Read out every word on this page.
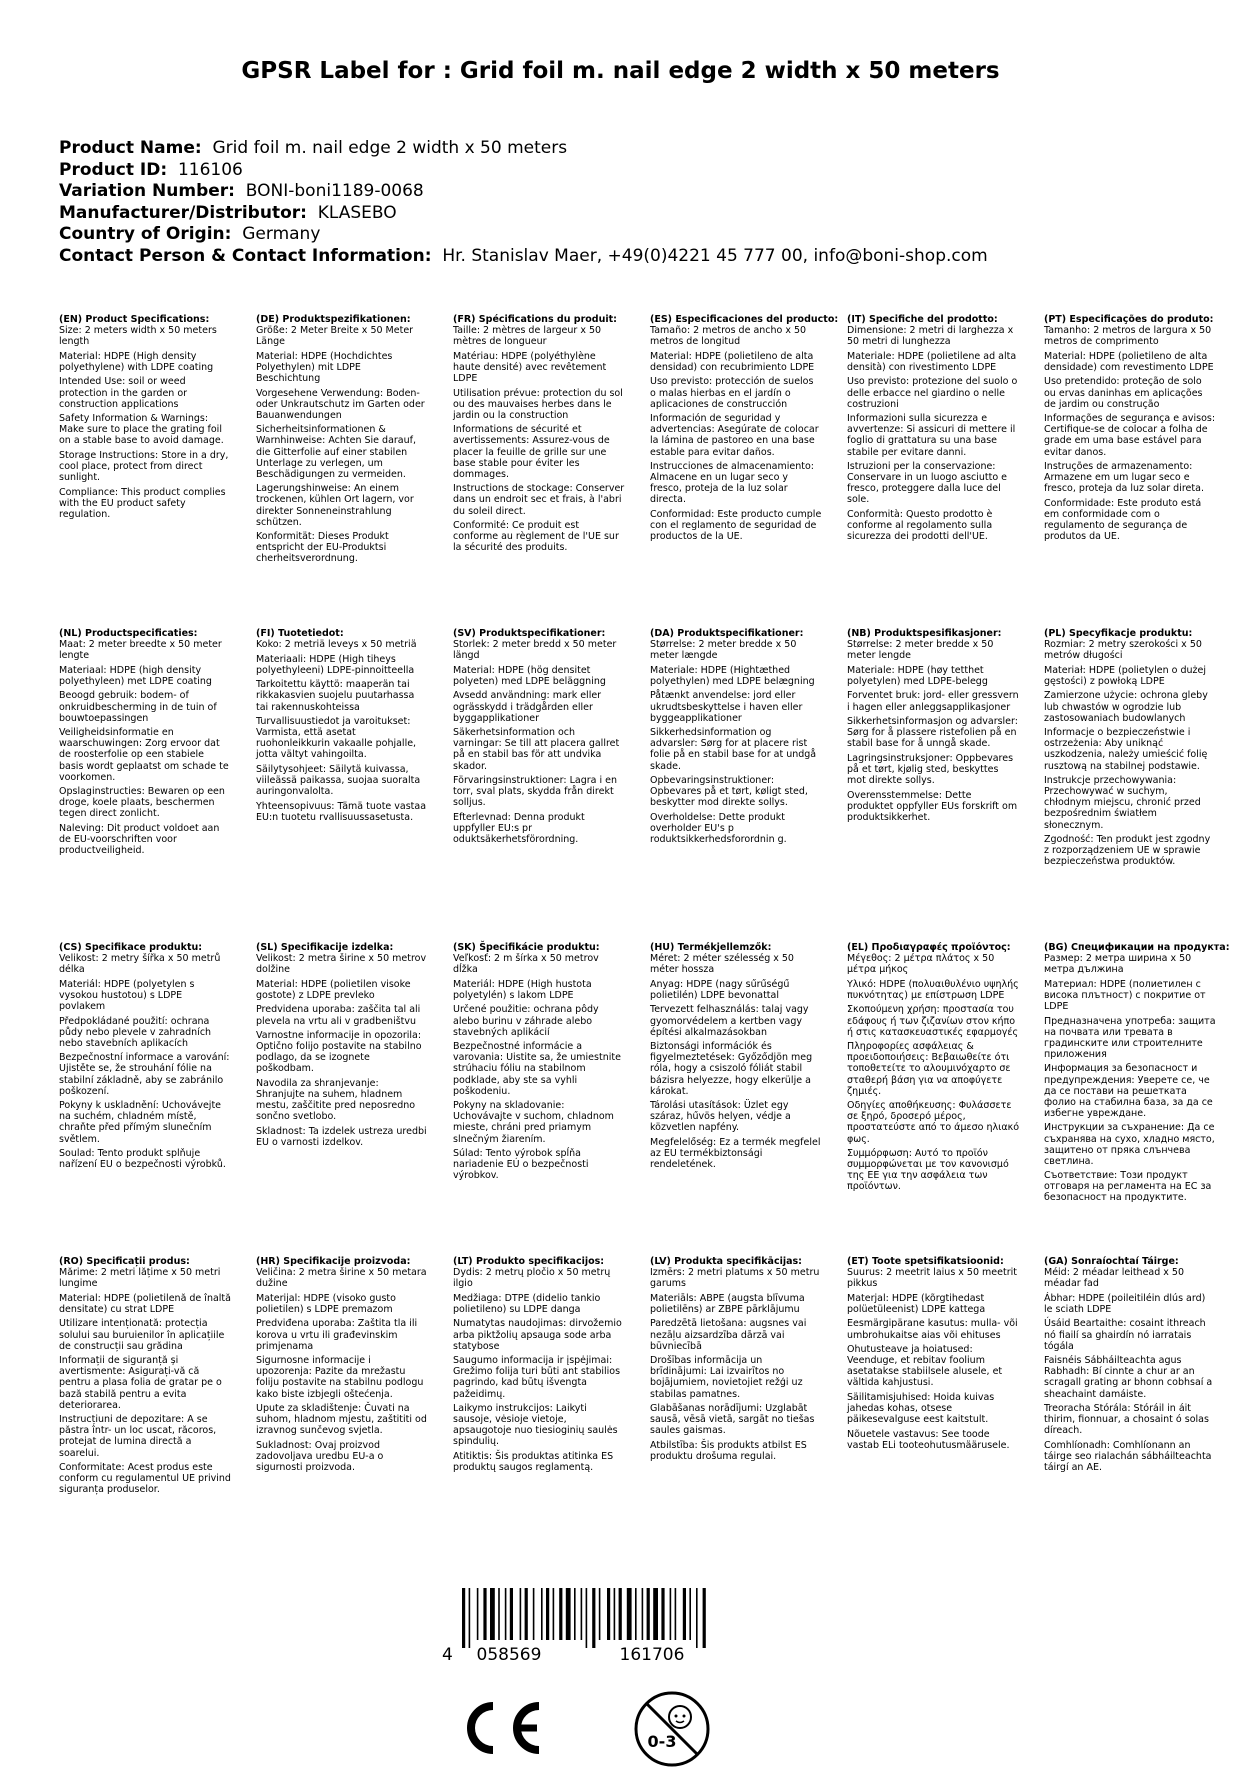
GPSR Label for : Grid foil m. nail edge 2 width x 50 meters
Product Name: Grid foil m. nail edge 2 width x 50 meters
Product ID: 116106
Variation Number: BONI-boni1189-0068
Manufacturer/Distributor: KLASEBO
Country of Origin: Germany
Contact Person & Contact Information: Hr. Stanislav Maer, +49(0)4221 45 777 00, info@boni-shop.com
(EN) Product Specifications:

Size: 2 meters width x 50 meters length

Material: HDPE (High density polyethylene) with LDPE coating

Intended Use: soil or weed protection in the garden or construction applications

Safety Information & Warnings: Make sure to place the grating foil on a stable base to avoid damage.

Storage Instructions: Store in a dry, cool place, protect from direct sunlight.

Compliance: This product complies with the EU product safety regulation.

(DE) Produktspezifikationen:

Größe: 2 Meter Breite x 50 Meter Länge

Material: HDPE (Hochdichtes Polyethylen) mit LDPE Beschichtung

Vorgesehene Verwendung: Boden- oder Unkrautschutz im Garten oder Bauanwendungen

Sicherheitsinformationen & Warnhinweise: Achten Sie darauf, die Gitterfolie auf einer stabilen Unterlage zu verlegen, um Beschädigungen zu vermeiden.

Lagerungshinweise: An einem trockenen, kühlen Ort lagern, vor direkter Sonneneinstrahlung schützen.

Konformität: Dieses Produkt entspricht der EU-Produktsi cherheitsverordnung.

(FR) Spécifications du produit:

Taille: 2 mètres de largeur x 50 mètres de longueur

Matériau: HDPE (polyéthylène haute densité) avec revêtement LDPE

Utilisation prévue: protection du sol ou des mauvaises herbes dans le jardin ou la construction

Informations de sécurité et avertissements: Assurez-vous de placer la feuille de grille sur une base stable pour éviter les dommages.

Instructions de stockage: Conserver dans un endroit sec et frais, à l'abri du soleil direct.

Conformité: Ce produit est conforme au règlement de l'UE sur la sécurité des produits.

(ES) Especificaciones del producto:

Tamaño: 2 metros de ancho x 50 metros de longitud

Material: HDPE (polietileno de alta densidad) con recubrimiento LDPE

Uso previsto: protección de suelos o malas hierbas en el jardín o aplicaciones de construcción

Información de seguridad y advertencias: Asegúrate de colocar la lámina de pastoreo en una base estable para evitar daños.

Instrucciones de almacenamiento: Almacene en un lugar seco y fresco, proteja de la luz solar directa.

Conformidad: Este producto cumple con el reglamento de seguridad de productos de la UE.

(IT) Specifiche del prodotto:

Dimensione: 2 metri di larghezza x 50 metri di lunghezza

Materiale: HDPE (polietilene ad alta densità) con rivestimento LDPE

Uso previsto: protezione del suolo o delle erbacce nel giardino o nelle costruzioni

Informazioni sulla sicurezza e avvertenze: Si assicuri di mettere il foglio di grattatura su una base stabile per evitare danni.

Istruzioni per la conservazione: Conservare in un luogo asciutto e fresco, proteggere dalla luce del sole.

Conformità: Questo prodotto è conforme al regolamento sulla sicurezza dei prodotti dell'UE.

(PT) Especificações do produto:

Tamanho: 2 metros de largura x 50 metros de comprimento

Material: HDPE (polietileno de alta densidade) com revestimento LDPE

Uso pretendido: proteção de solo ou ervas daninhas em aplicações de jardim ou construção

Informações de segurança e avisos: Certifique-se de colocar a folha de grade em uma base estável para evitar danos.

Instruções de armazenamento: Armazene em um lugar seco e fresco, proteja da luz solar direta.

Conformidade: Este produto está em conformidade com o regulamento de segurança de produtos da UE.

(NL) Productspecificaties:

Maat: 2 meter breedte x 50 meter lengte

Materiaal: HDPE (high density polyethyleen) met LDPE coating

Beoogd gebruik: bodem- of onkruidbescherming in de tuin of bouwtoepassingen

Veiligheidsinformatie en waarschuwingen: Zorg ervoor dat de roosterfolie op een stabiele basis wordt geplaatst om schade te voorkomen.

Opslaginstructies: Bewaren op een droge, koele plaats, beschermen tegen direct zonlicht.

Naleving: Dit product voldoet aan de EU-voorschriften voor productveiligheid.

(FI) Tuotetiedot:

Koko: 2 metriä leveys x 50 metriä

Materiaali: HDPE (High tiheys polyethyleeni) LDPE-pinnoitteella

Tarkoitettu käyttö: maaperän tai rikkakasvien suojelu puutarhassa tai rakennuskohteissa

Turvallisuustiedot ja varoitukset: Varmista, että asetat ruohonleikkurin vakaalle pohjalle, jotta vältyt vahingoilta.

Säilytysohjeet: Säilytä kuivassa, viileässä paikassa, suojaa suoralta auringonvalolta.

Yhteensopivuus: Tämä tuote vastaa EU:n tuotetu rvallisuussasetusta.

(SV) Produktspecifikationer:

Storlek: 2 meter bredd x 50 meter längd

Material: HDPE (hög densitet polyeten) med LDPE beläggning

Avsedd användning: mark eller ogrässkydd i trädgården eller byggapplikationer

Säkerhetsinformation och varningar: Se till att placera gallret på en stabil bas för att undvika skador.

Förvaringsinstruktioner: Lagra i en torr, sval plats, skydda från direkt solljus.

Efterlevnad: Denna produkt uppfyller EU:s pr oduktsäkerhetsförordning.

(DA) Produktspecifikationer:

Størrelse: 2 meter bredde x 50 meter længde

Materiale: HDPE (Hightæthed polyethylen) med LDPE belægning

Påtænkt anvendelse: jord eller ukrudtsbeskyttelse i haven eller byggeapplikationer

Sikkerhedsinformation og advarsler: Sørg for at placere rist folie på en stabil base for at undgå skade.

Opbevaringsinstruktioner: Opbevares på et tørt, køligt sted, beskytter mod direkte sollys.

Overholdelse: Dette produkt overholder EU's p roduktsikkerhedsforordnin g.

(NB) Produktspesifikasjoner:

Størrelse: 2 meter bredde x 50 meter lengde

Materiale: HDPE (høy tetthet polyetylen) med LDPE-belegg

Forventet bruk: jord- eller gressvern i hagen eller anleggsapplikasjoner

Sikkerhetsinformasjon og advarsler: Sørg for å plassere ristefolien på en stabil base for å unngå skade.

Lagringsinstruksjoner: Oppbevares på et tørt, kjølig sted, beskyttes mot direkte sollys.

Overensstemmelse: Dette produktet oppfyller EUs forskrift om produktsikkerhet.

(PL) Specyfikacje produktu:

Rozmiar: 2 metry szerokości x 50 metrów długości

Materiał: HDPE (polietylen o dużej gęstości) z powłoką LDPE

Zamierzone użycie: ochrona gleby lub chwastów w ogrodzie lub zastosowaniach budowlanych

Informacje o bezpieczeństwie i ostrzeżenia: Aby uniknąć uszkodzenia, należy umieścić folię rusztową na stabilnej podstawie.

Instrukcje przechowywania: Przechowywać w suchym, chłodnym miejscu, chronić przed bezpośrednim światłem słonecznym.

Zgodność: Ten produkt jest zgodny z rozporządzeniem UE w sprawie bezpieczeństwa produktów.

(CS) Specifikace produktu:

Velikost: 2 metry šířka x 50 metrů délka

Materiál: HDPE (polyetylen s vysokou hustotou) s LDPE povlakem

Předpokládané použití: ochrana půdy nebo plevele v zahradních nebo stavebních aplikacích

Bezpečnostní informace a varování: Ujistěte se, že strouhání fólie na stabilní základně, aby se zabránilo poškození.

Pokyny k uskladnění: Uchovávejte na suchém, chladném místě, chraňte před přímým slunečním světlem.

Soulad: Tento produkt splňuje nařízení EU o bezpečnosti výrobků.

(SL) Specifikacije izdelka:

Velikost: 2 metra širine x 50 metrov dolžine

Material: HDPE (polietilen visoke gostote) z LDPE prevleko

Predvidena uporaba: zaščita tal ali plevela na vrtu ali v gradbeništvu

Varnostne informacije in opozorila: Optično folijo postavite na stabilno podlago, da se izognete poškodbam.

Navodila za shranjevanje: Shranjujte na suhem, hladnem mestu, zaščitite pred neposredno sončno svetlobo.

Skladnost: Ta izdelek ustreza uredbi EU o varnosti izdelkov.

(SK) Špecifikácie produktu:

Veľkosť: 2 m šírka x 50 metrov dĺžka

Materiál: HDPE (High hustota polyetylén) s lakom LDPE

Určené použitie: ochrana pôdy alebo burinu v záhrade alebo stavebných aplikácií

Bezpečnostné informácie a varovania: Uistite sa, že umiestnite strúhaciu fóliu na stabilnom podklade, aby ste sa vyhli poškodeniu.

Pokyny na skladovanie: Uchovávajte v suchom, chladnom mieste, chráni pred priamym slnečným žiarením.

Súlad: Tento výrobok spĺňa nariadenie EÚ o bezpečnosti výrobkov.

(HU) Termékjellemzők:

Méret: 2 méter szélesség x 50 méter hossza

Anyag: HDPE (nagy sűrűségű polietilén) LDPE bevonattal

Tervezett felhasználás: talaj vagy gyomorvédelem a kertben vagy építési alkalmazásokban

Biztonsági információk és figyelmeztetések: Győződjön meg róla, hogy a csiszoló fóliát stabil bázisra helyezze, hogy elkerülje a károkat.

Tárolási utasítások: Üzlet egy száraz, hűvös helyen, védje a közvetlen napfény.

Megfelelőség: Ez a termék megfelel az EU termékbiztonsági rendeletének.

(EL) Προδιαγραφές προϊόντος:

Μέγεθος: 2 μέτρα πλάτος x 50 μέτρα μήκος

Υλικό: HDPE (πολυαιθυλένιο υψηλής πυκνότητας) με επίστρωση LDPE

Σκοπούμενη χρήση: προστασία του εδάφους ή των ζιζανίων στον κήπο ή στις κατασκευαστικές εφαρμογές

Πληροφορίες ασφάλειας & προειδοποιήσεις: Βεβαιωθείτε ότι τοποθετείτε το αλουμινόχαρτο σε σταθερή βάση για να αποφύγετε ζημιές.

Οδηγίες αποθήκευσης: Φυλάσσετε σε ξηρό, δροσερό μέρος, προστατεύστε από το άμεσο ηλιακό φως.

Συμμόρφωση: Αυτό το προϊόν συμμορφώνεται με τον κανονισμό της ΕΕ για την ασφάλεια των προϊόντων.

(BG) Спецификации на продукта:

Размер: 2 метра ширина x 50 метра дължина

Материал: HDPE (полиетилен с висока плътност) с покритие от LDPE

Предназначена употреба: защита на почвата или тревата в градинските или строителните приложения

Информация за безопасност и предупреждения: Уверете се, че да се постави на решетката фолио на стабилна база, за да се избегне увреждане.

Инструкции за съхранение: Да се съхранява на сухо, хладно място, защитено от пряка слънчева светлина.

Съответствие: Този продукт отговаря на регламента на ЕС за безопасност на продуктите.

(RO) Specificații produs:

Mărime: 2 metri lățime x 50 metri lungime

Material: HDPE (polietilenă de înaltă densitate) cu strat LDPE

Utilizare intenționată: protecția solului sau buruienilor în aplicațiile de construcții sau grădina

Informații de siguranță și avertismente: Asigurați-vă că pentru a plasa folia de gratar pe o bază stabilă pentru a evita deteriorarea.

Instrucțiuni de depozitare: A se păstra într- un loc uscat, răcoros, protejat de lumina directă a soarelui.

Conformitate: Acest produs este conform cu regulamentul UE privind siguranța produselor.

(HR) Specifikacije proizvoda:

Veličina: 2 metra širine x 50 metara dužine

Materijal: HDPE (visoko gusto polietilen) s LDPE premazom

Predviđena uporaba: Zaštita tla ili korova u vrtu ili građevinskim primjenama

Sigurnosne informacije i upozorenja: Pazite da mrežastu foliju postavite na stabilnu podlogu kako biste izbjegli oštećenja.

Upute za skladištenje: Čuvati na suhom, hladnom mjestu, zaštititi od izravnog sunčevog svjetla.

Sukladnost: Ovaj proizvod zadovoljava uredbu EU-a o sigurnosti proizvoda.

(LT) Produkto specifikacijos:

Dydis: 2 metrų pločio x 50 metrų ilgio

Medžiaga: DTPE (didelio tankio polietileno) su LDPE danga

Numatytas naudojimas: dirvožemio arba piktžolių apsauga sode arba statybose

Saugumo informacija ir įspėjimai: Grežimo folija turi būti ant stabilios pagrindo, kad būtų išvengta pažeidimų.

Laikymo instrukcijos: Laikyti sausoje, vėsioje vietoje, apsaugotoje nuo tiesioginių saulės spindulių.

Atitiktis: Šis produktas atitinka ES produktų saugos reglamentą.

(LV) Produkta specifikācijas:

Izmērs: 2 metri platums x 50 metru garums

Materiāls: ABPE (augsta blīvuma polietilēns) ar ZBPE pārklājumu

Paredzētā lietošana: augsnes vai nezāļu aizsardzība dārzā vai būvniecībā

Drošības informācija un brīdinājumi: Lai izvairītos no bojājumiem, novietojiet režģi uz stabilas pamatnes.

Glabāšanas norādījumi: Uzglabāt sausā, vēsā vietā, sargāt no tiešas saules gaismas.

Atbilstība: Šis produkts atbilst ES produktu drošuma regulai.

(ET) Toote spetsifikatsioonid:

Suurus: 2 meetrit laius x 50 meetrit pikkus

Materjal: HDPE (kõrgtihedast polüetüleenist) LDPE kattega

Eesmärgipärane kasutus: mulla- või umbrohukaitse aias või ehituses

Ohutusteave ja hoiatused: Veenduge, et rebitav foolium asetatakse stabiilsele alusele, et vältida kahjustusi.

Säilitamisjuhised: Hoida kuivas jahedas kohas, otsese päikesevalguse eest kaitstult.

Nõuetele vastavus: See toode vastab ELi tooteohutusmäärusele.

(GA) Sonraíochtaí Táirge:

Méid: 2 méadar leithead x 50 méadar fad

Ábhar: HDPE (poileitiléin dlús ard) le sciath LDPE

Úsáid Beartaithe: cosaint ithreach nó fiailí sa ghairdín nó iarratais tógála

Faisnéis Sábháilteachta agus Rabhadh: Bí cinnte a chur ar an scragall grating ar bhonn cobhsaí a sheachaint damáiste.

Treoracha Stórála: Stóráil in áit thirim, fionnuar, a chosaint ó solas díreach.

Comhlíonadh: Comhlíonann an táirge seo rialachán sábháilteachta táirgí an AE.

4 058569	161706
0-3
